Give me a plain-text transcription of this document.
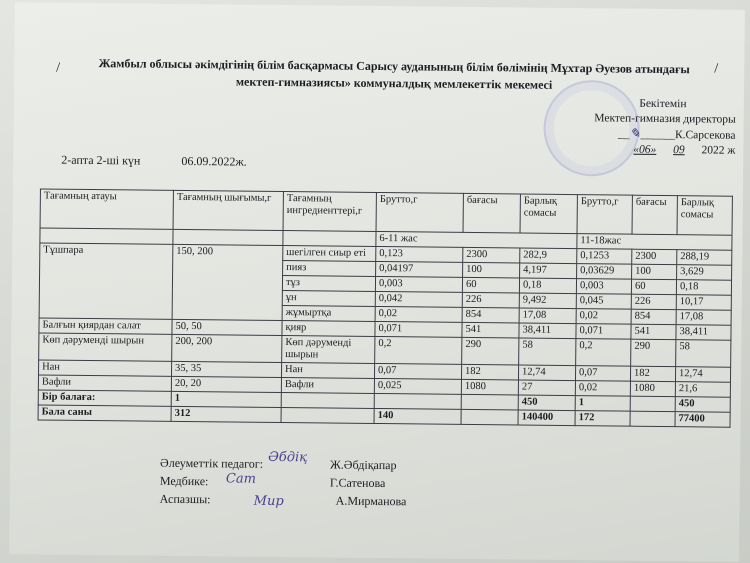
Жамбыл облысы әкімдігінің білім басқармасы Сарысу ауданының білім бөлімінің Мұхтар Әуезов атындағы
мектеп-гимназиясы» коммуналдық мемлекеттік мекемесі
/	/
Бекітемін
Мектеп-гимназия директоры
__✎______К.Сарсекова
«06» 09 2022 ж
2-апта 2-ші күн	06.09.2022ж.
Тағамның атауы	Тағамның шығымы,г	Тағамның ингредиенттері,г	Брутто,г	бағасы	Барлық сомасы	Брутто,г	бағасы	Барлық сомасы
			6-11 жас			11-18жас		
Тұшпара	150, 200	шегілген сиыр еті	0,123	2300	282,9	0,1253	2300	288,19
		пияз	0,04197	100	4,197	0,03629	100	3,629
		тұз	0,003	60	0,18	0,003	60	0,18
		ұн	0,042	226	9,492	0,045	226	10,17
		жұмыртқа	0,02	854	17,08	0,02	854	17,08
Балғын қиярдан салат	50, 50	қияр	0,071	541	38,411	0,071	541	38,411
Көп дәруменді шырын	200, 200	Көп дәруменді шырын	0,2	290	58	0,2	290	58
Нан	35, 35	Нан	0,07	182	12,74	0,07	182	12,74
Вафли	20, 20	Вафли	0,025	1080	27	0,02	1080	21,6
Бір балаға:	1				450	1		450
Бала саны	312		140		140400	172		77400
Әлеуметтік педагог: Әбдіқ Ж.Әбдіқапар
Медбике: Сат	Г.Сатенова
Аспазшы:	Мир	А.Мирманова
